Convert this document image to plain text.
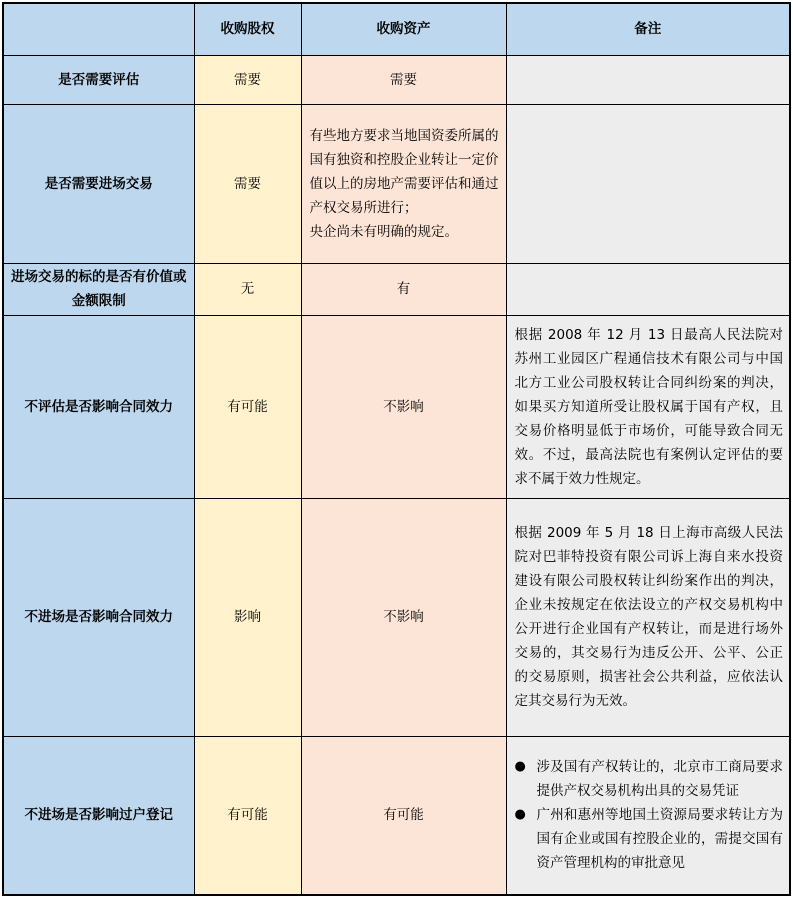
	收购股权	收购资产	备注
是否需要评估	需要	需要	
是否需要进场交易	需要	有些地方要求当地国资委所属的国有独资和控股企业转让一定价值以上的房地产需要评估和通过产权交易所进行；
央企尚未有明确的规定。	

进场交易的标的是否有价值或金额限制	无	有	
不评估是否影响合同效力	有可能	不影响	根据 2008 年 12 月 13 日最高人民法院对苏州工业园区广程通信技术有限公司与中国北方工业公司股权转让合同纠纷案的判决，如果买方知道所受让股权属于国有产权，且交易价格明显低于市场价，可能导致合同无效。不过，最高法院也有案例认定评估的要求不属于效力性规定。
不进场是否影响合同效力	影响	不影响	根据 2009 年 5 月 18 日上海市高级人民法院对巴菲特投资有限公司诉上海自来水投资建设有限公司股权转让纠纷案作出的判决，企业未按规定在依法设立的产权交易机构中公开进行企业国有产权转让，而是进行场外交易的，其交易行为违反公开、公平、公正的交易原则，损害社会公共利益，应依法认定其交易行为无效。
不进场是否影响过户登记	有可能	有可能	● 涉及国有产权转让的，北京市工商局要求提供产权交易机构出具的交易凭证
● 广州和惠州等地国土资源局要求转让方为国有企业或国有控股企业的，需提交国有资产管理机构的审批意见
